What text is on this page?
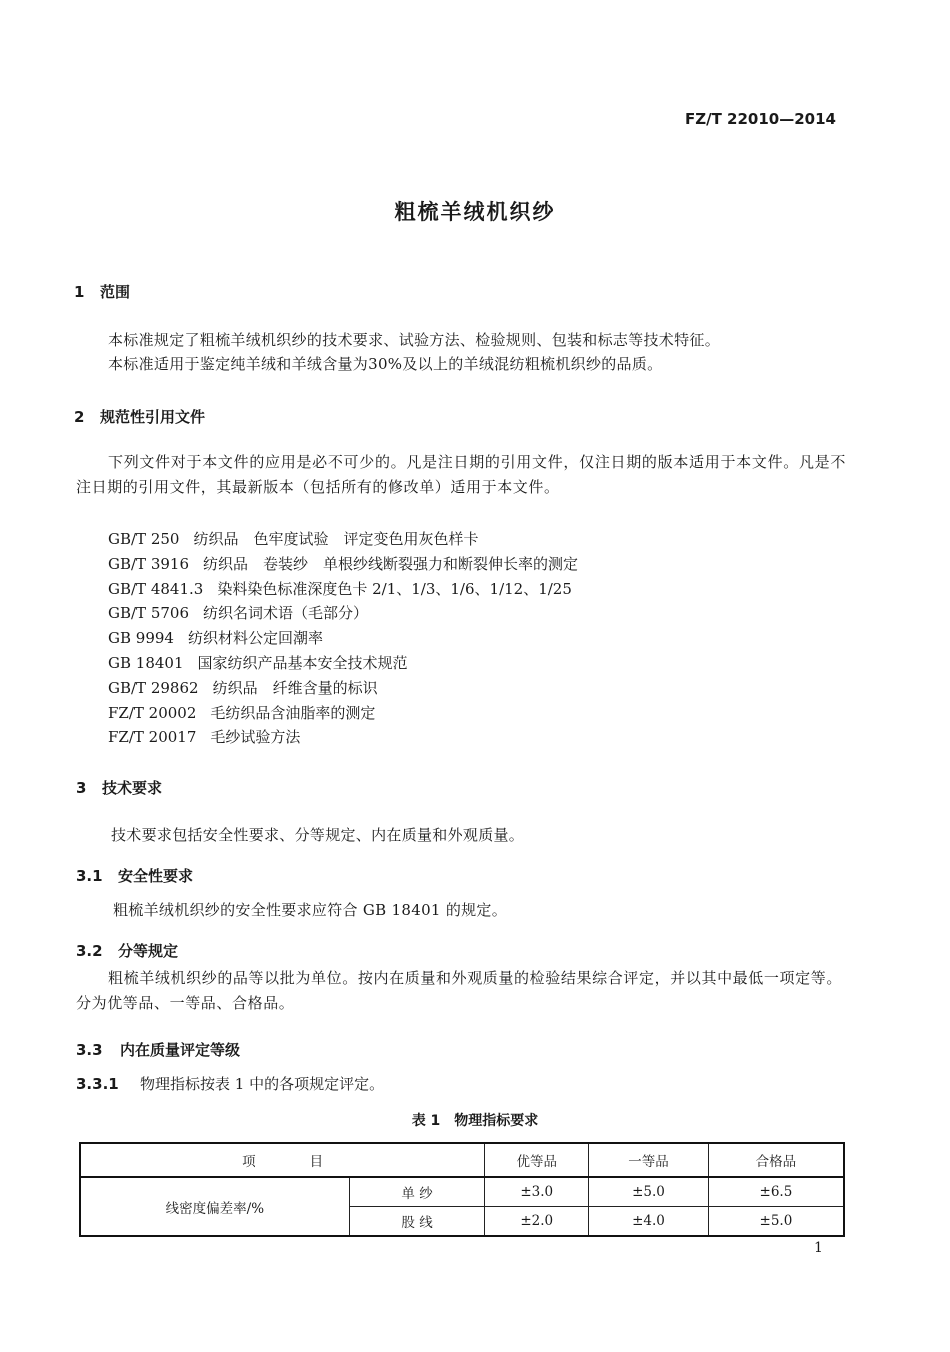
FZ/T 22010—2014
粗梳羊绒机织纱
1 范围
本标准规定了粗梳羊绒机织纱的技术要求、试验方法、检验规则、包装和标志等技术特征。
本标准适用于鉴定纯羊绒和羊绒含量为30%及以上的羊绒混纺粗梳机织纱的品质。
2 规范性引用文件
下列文件对于本文件的应用是必不可少的。凡是注日期的引用文件，仅注日期的版本适用于本文件。凡是不注日期的引用文件，其最新版本（包括所有的修改单）适用于本文件。
GB/T 250 纺织品　色牢度试验　评定变色用灰色样卡
GB/T 3916 纺织品　卷装纱　单根纱线断裂强力和断裂伸长率的测定
GB/T 4841.3 染料染色标准深度色卡 2/1、1/3、1/6、1/12、1/25
GB/T 5706 纺织名词术语（毛部分）
GB 9994 纺织材料公定回潮率
GB 18401 国家纺织产品基本安全技术规范
GB/T 29862 纺织品　纤维含量的标识
FZ/T 20002 毛纺织品含油脂率的测定
FZ/T 20017 毛纱试验方法
3 技术要求
技术要求包括安全性要求、分等规定、内在质量和外观质量。
3.1 安全性要求
粗梳羊绒机织纱的安全性要求应符合 GB 18401 的规定。
3.2 分等规定
粗梳羊绒机织纱的品等以批为单位。按内在质量和外观质量的检验结果综合评定，并以其中最低一项定等。分为优等品、一等品、合格品。
3.3 内在质量评定等级
3.3.1 物理指标按表 1 中的各项规定评定。
表 1　物理指标要求
项　　　　目		优等品	一等品	合格品
线密度偏差率/%	单 纱	±3.0	±5.0	±6.5
	股 线	±2.0	±4.0	±5.0
1
